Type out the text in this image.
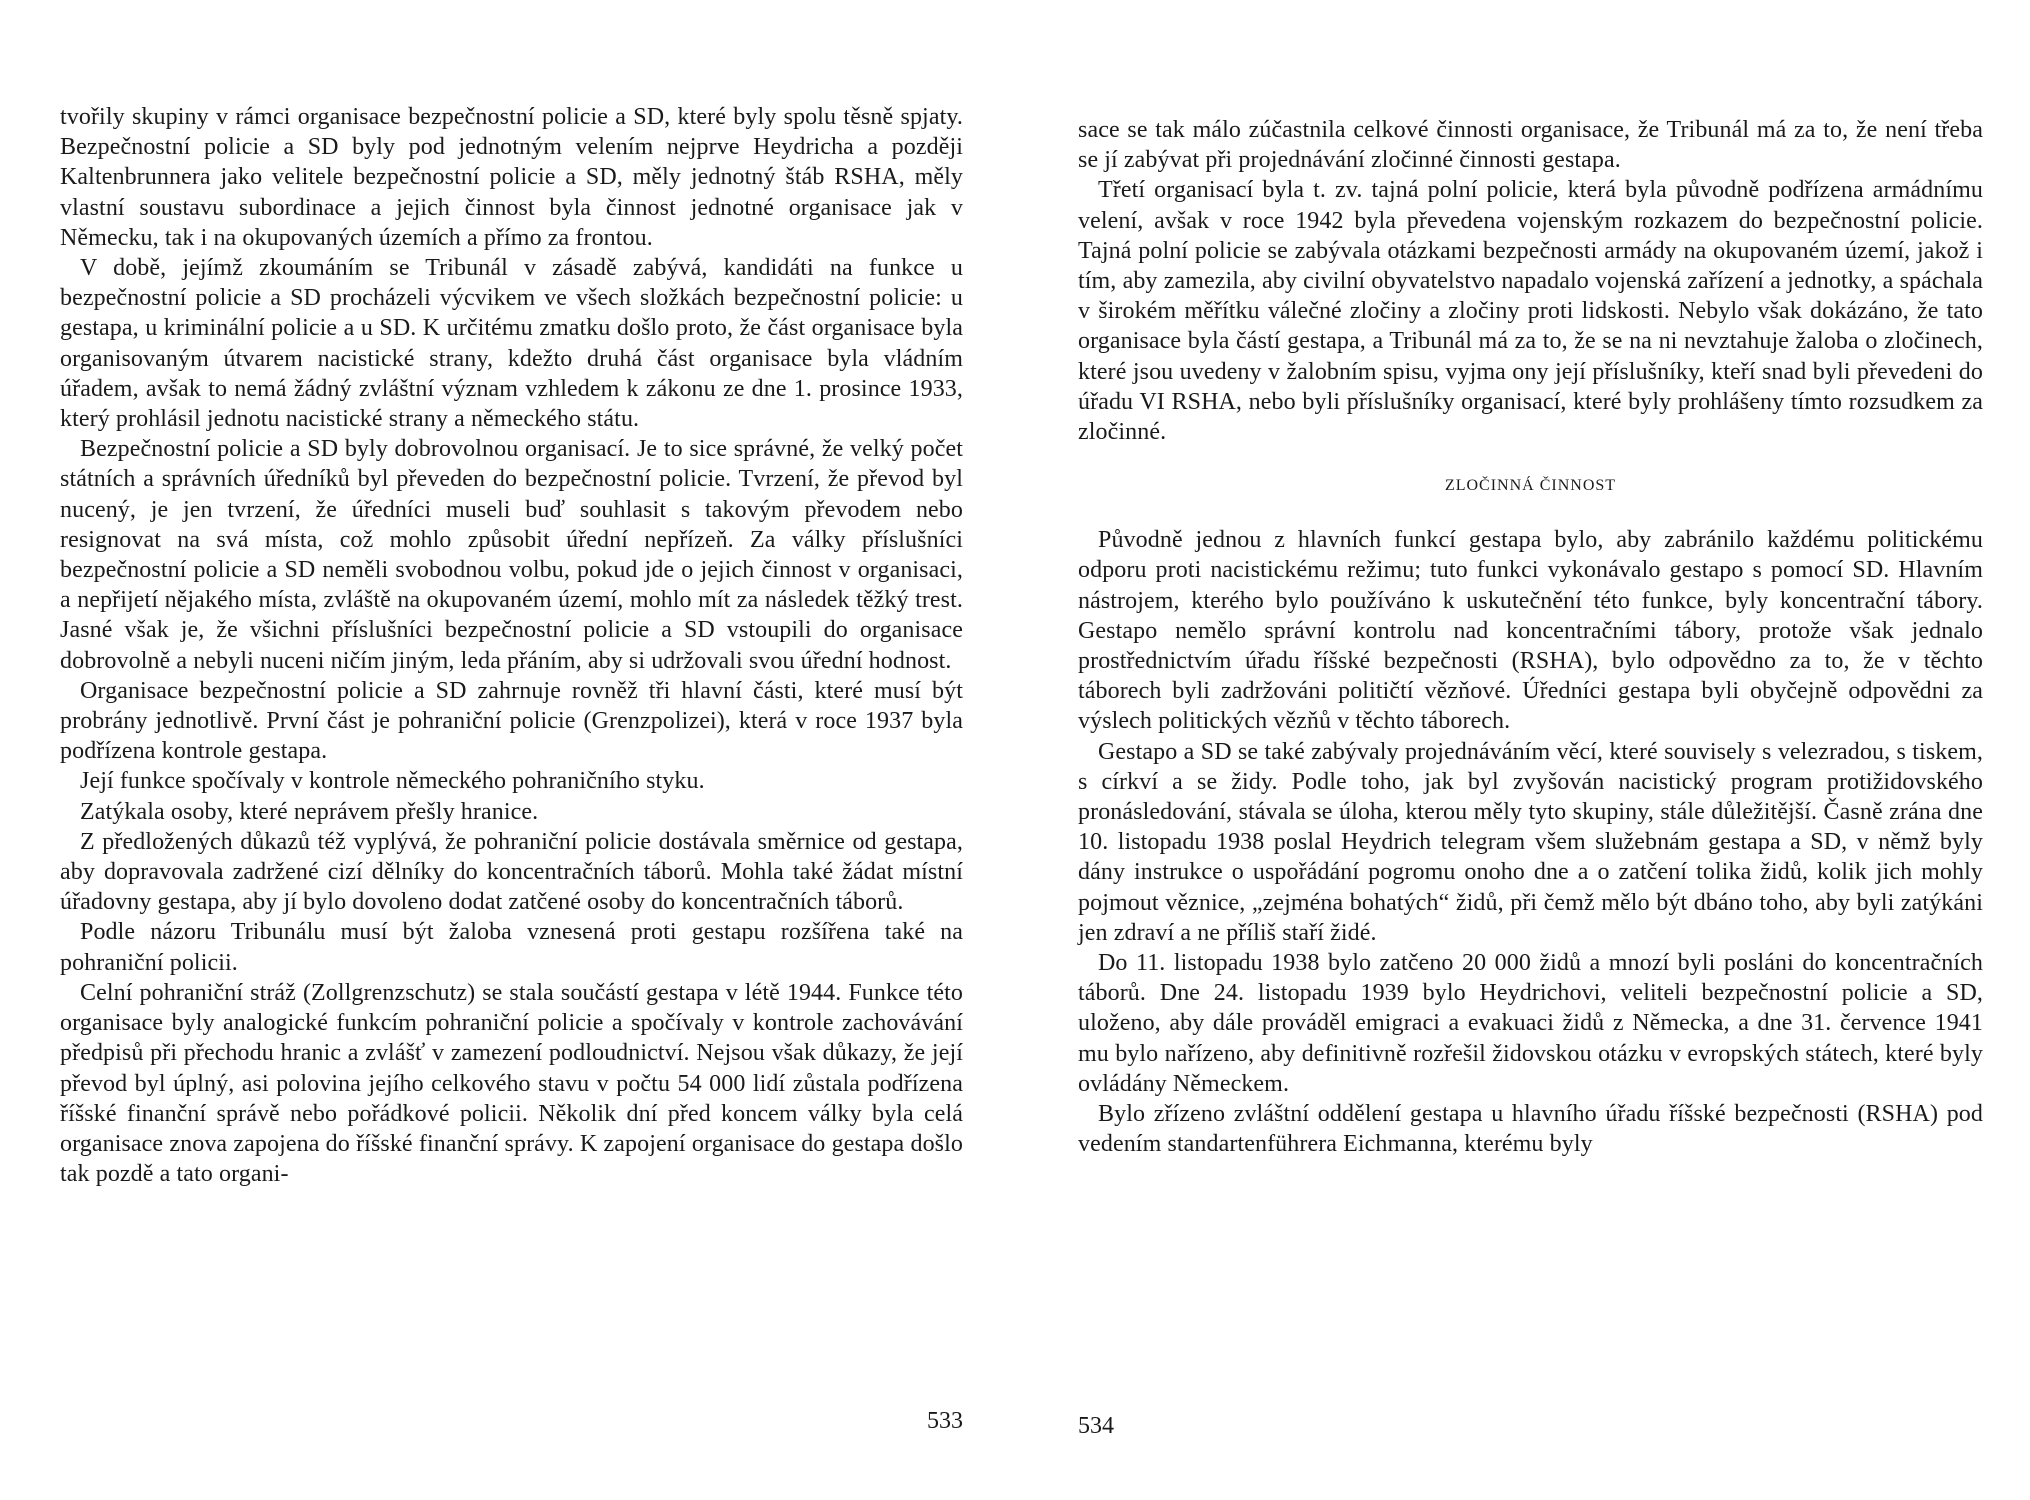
tvořily skupiny v rámci organisace bezpečnostní policie a SD, které byly spolu těsně spjaty. Bezpečnostní policie a SD byly pod jednotným velením nejprve Heydricha a později Kaltenbrunnera jako velitele bezpečnostní policie a SD, měly jednotný štáb RSHA, měly vlastní soustavu subordinace a jejich činnost byla činnost jednotné organisace jak v Německu, tak i na okupovaných územích a přímo za frontou.

V době, jejímž zkoumáním se Tribunál v zásadě zabývá, kandidáti na funkce u bezpečnostní policie a SD procházeli výcvikem ve všech složkách bezpečnostní policie: u gestapa, u kriminální policie a u SD. K určitému zmatku došlo proto, že část organisace byla organisovaným útvarem nacistické strany, kdežto druhá část organisace byla vládním úřadem, avšak to nemá žádný zvláštní význam vzhledem k zákonu ze dne 1. prosince 1933, který prohlásil jednotu nacistické strany a německého státu.

Bezpečnostní policie a SD byly dobrovolnou organisací. Je to sice správné, že velký počet státních a správních úředníků byl převeden do bezpečnostní policie. Tvrzení, že převod byl nucený, je jen tvrzení, že úředníci museli buď souhlasit s takovým převodem nebo resignovat na svá místa, což mohlo způsobit úřední nepřízeň. Za války příslušníci bezpečnostní policie a SD neměli svobodnou volbu, pokud jde o jejich činnost v organisaci, a nepřijetí nějakého místa, zvláště na okupovaném území, mohlo mít za následek těžký trest. Jasné však je, že všichni příslušníci bezpečnostní policie a SD vstoupili do organisace dobrovolně a nebyli nuceni ničím jiným, leda přáním, aby si udržovali svou úřední hodnost.

Organisace bezpečnostní policie a SD zahrnuje rovněž tři hlavní části, které musí být probrány jednotlivě. První část je pohraniční policie (Grenzpolizei), která v roce 1937 byla podřízena kontrole gestapa.

Její funkce spočívaly v kontrole německého pohraničního styku.

Zatýkala osoby, které neprávem přešly hranice.

Z předložených důkazů též vyplývá, že pohraniční policie dostávala směrnice od gestapa, aby dopravovala zadržené cizí dělníky do koncentračních táborů. Mohla také žádat místní úřadovny gestapa, aby jí bylo dovoleno dodat zatčené osoby do koncentračních táborů.

Podle názoru Tribunálu musí být žaloba vznesená proti gestapu rozšířena také na pohraniční policii.

Celní pohraniční stráž (Zollgrenzschutz) se stala součástí gestapa v létě 1944. Funkce této organisace byly analogické funkcím pohraniční policie a spočívaly v kontrole zachovávání předpisů při přechodu hranic a zvlášť v zamezení podloudnictví. Nejsou však důkazy, že její převod byl úplný, asi polovina jejího celkového stavu v počtu 54 000 lidí zůstala podřízena říšské finanční správě nebo pořádkové policii. Několik dní před koncem války byla celá organisace znova zapojena do říšské finanční správy. K zapojení organisace do gestapa došlo tak pozdě a tato organi-

533

sace se tak málo zúčastnila celkové činnosti organisace, že Tribunál má za to, že není třeba se jí zabývat při projednávání zločinné činnosti gestapa.

Třetí organisací byla t. zv. tajná polní policie, která byla původně podřízena armádnímu velení, avšak v roce 1942 byla převedena vojenským rozkazem do bezpečnostní policie. Tajná polní policie se zabývala otázkami bezpečnosti armády na okupovaném území, jakož i tím, aby zamezila, aby civilní obyvatelstvo napadalo vojenská zařízení a jednotky, a spáchala v širokém měřítku válečné zločiny a zločiny proti lidskosti. Nebylo však dokázáno, že tato organisace byla částí gestapa, a Tribunál má za to, že se na ni nevztahuje žaloba o zločinech, které jsou uvedeny v žalobním spisu, vyjma ony její příslušníky, kteří snad byli převedeni do úřadu VI RSHA, nebo byli příslušníky organisací, které byly prohlášeny tímto rozsudkem za zločinné.

ZLOČINNÁ ČINNOST

Původně jednou z hlavních funkcí gestapa bylo, aby zabránilo každému politickému odporu proti nacistickému režimu; tuto funkci vykonávalo gestapo s pomocí SD. Hlavním nástrojem, kterého bylo používáno k uskutečnění této funkce, byly koncentrační tábory. Gestapo nemělo správní kontrolu nad koncentračními tábory, protože však jednalo prostřednictvím úřadu říšské bezpečnosti (RSHA), bylo odpovědno za to, že v těchto táborech byli zadržováni političtí vězňové. Úředníci gestapa byli obyčejně odpovědni za výslech politických vězňů v těchto táborech.

Gestapo a SD se také zabývaly projednáváním věcí, které souvisely s velezradou, s tiskem, s církví a se židy. Podle toho, jak byl zvyšován nacistický program protižidovského pronásledování, stávala se úloha, kterou měly tyto skupiny, stále důležitější. Časně zrána dne 10. listopadu 1938 poslal Heydrich telegram všem služebnám gestapa a SD, v němž byly dány instrukce o uspořádání pogromu onoho dne a o zatčení tolika židů, kolik jich mohly pojmout věznice, „zejména bohatých“ židů, při čemž mělo být dbáno toho, aby byli zatýkáni jen zdraví a ne příliš staří židé.

Do 11. listopadu 1938 bylo zatčeno 20 000 židů a mnozí byli posláni do koncentračních táborů. Dne 24. listopadu 1939 bylo Heydrichovi, veliteli bezpečnostní policie a SD, uloženo, aby dále prováděl emigraci a evakuaci židů z Německa, a dne 31. července 1941 mu bylo nařízeno, aby definitivně rozřešil židovskou otázku v evropských státech, které byly ovládány Německem.

Bylo zřízeno zvláštní oddělení gestapa u hlavního úřadu říšské bezpečnosti (RSHA) pod vedením standartenführera Eichmanna, kterému byly

534
